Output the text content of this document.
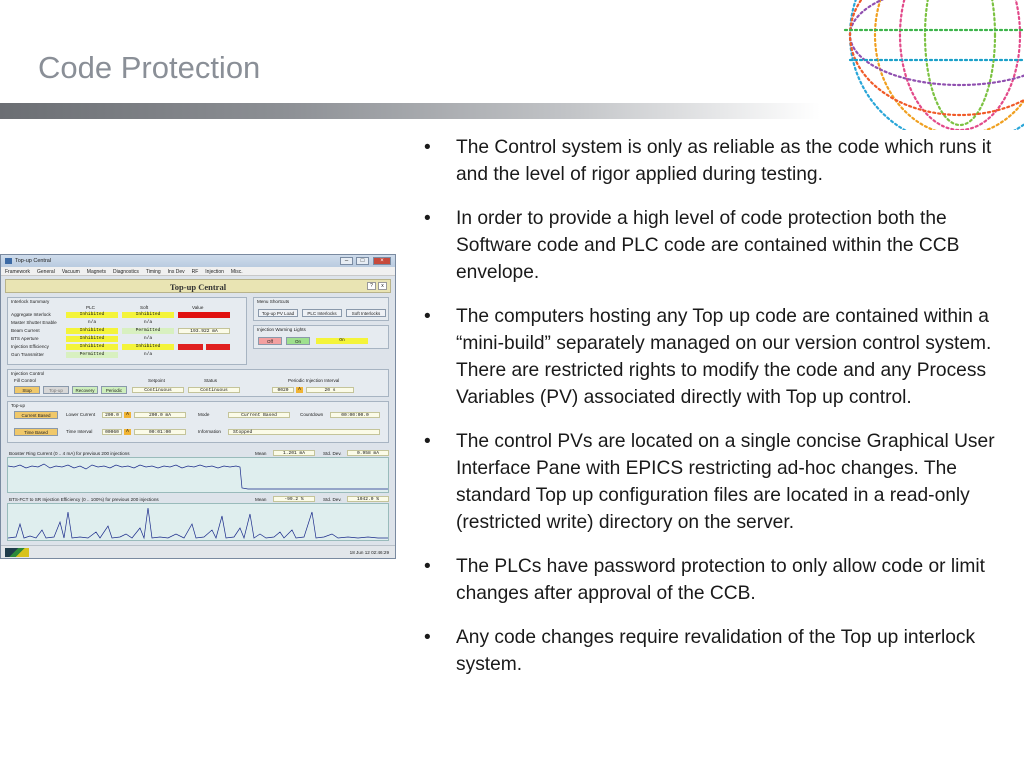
Code Protection
• The Control system is only as reliable as the code which runs it and the level of rigor applied during testing.
• In order to provide a high level of code protection both the Software code and PLC code are contained within the CCB envelope.
• The computers hosting any Top up code are contained within a “mini-build” separately managed on our version control system. There are restricted rights to modify the code and any Process Variables (PV) associated directly with Top up control.
• The control PVs are located on a single concise Graphical User Interface Pane with EPICS restricting ad-hoc changes. The standard Top up configuration files are located in a read-only (restricted write) directory on the server.
• The PLCs have password protection to only allow code or limit changes after approval of the CCB.
• Any code changes require revalidation of the Top up interlock system.
Top-up Central	–	□	×
Framework General Vacuum Magnets Diagnostics Timing Ins Dev RF Injection Misc.
Top-up Central	?	x
Interlock Summary
PLC	Soft	Value
Aggregate Interlock	Inhibited	Inhibited
Master Shutter Enable	n/a	n/a
Beam Current	Inhibited	Permitted	193.922 mA
BTS Aperture	Inhibited	n/a
Injection Efficiency	Inhibited	Inhibited
Gun Transmitter	Permitted	n/a
Menu Shortcuts
Top-up PV Load	PLC Interlocks	Soft Interlocks
Injection Warning Lights
Off	On	On
Injection Control
Fill Control
Stop	Top-up	Recovery	Periodic
Setpoint	Status
Continuous	Continuous
Periodic Injection Interval
0020	A	20 s
Top-up
Current Based
Time Based
Lower Current	200.0	A	200.0 mA
Time Interval	00060	A	00:01:00
Mode	Current Based	Countdown	00:00:00.0
Information	Stopped
Booster Ring Current (0 .. 4 mA) for previous 200 injections	Mean	1.201 mA	Std. Dev.	0.958 mA
BTS-FCT to SR Injection Efficiency (0 .. 100%) for previous 200 injections	Mean	-99.2 %	Std. Dev.	1042.0 %
18 Jun 12 02:46:29
